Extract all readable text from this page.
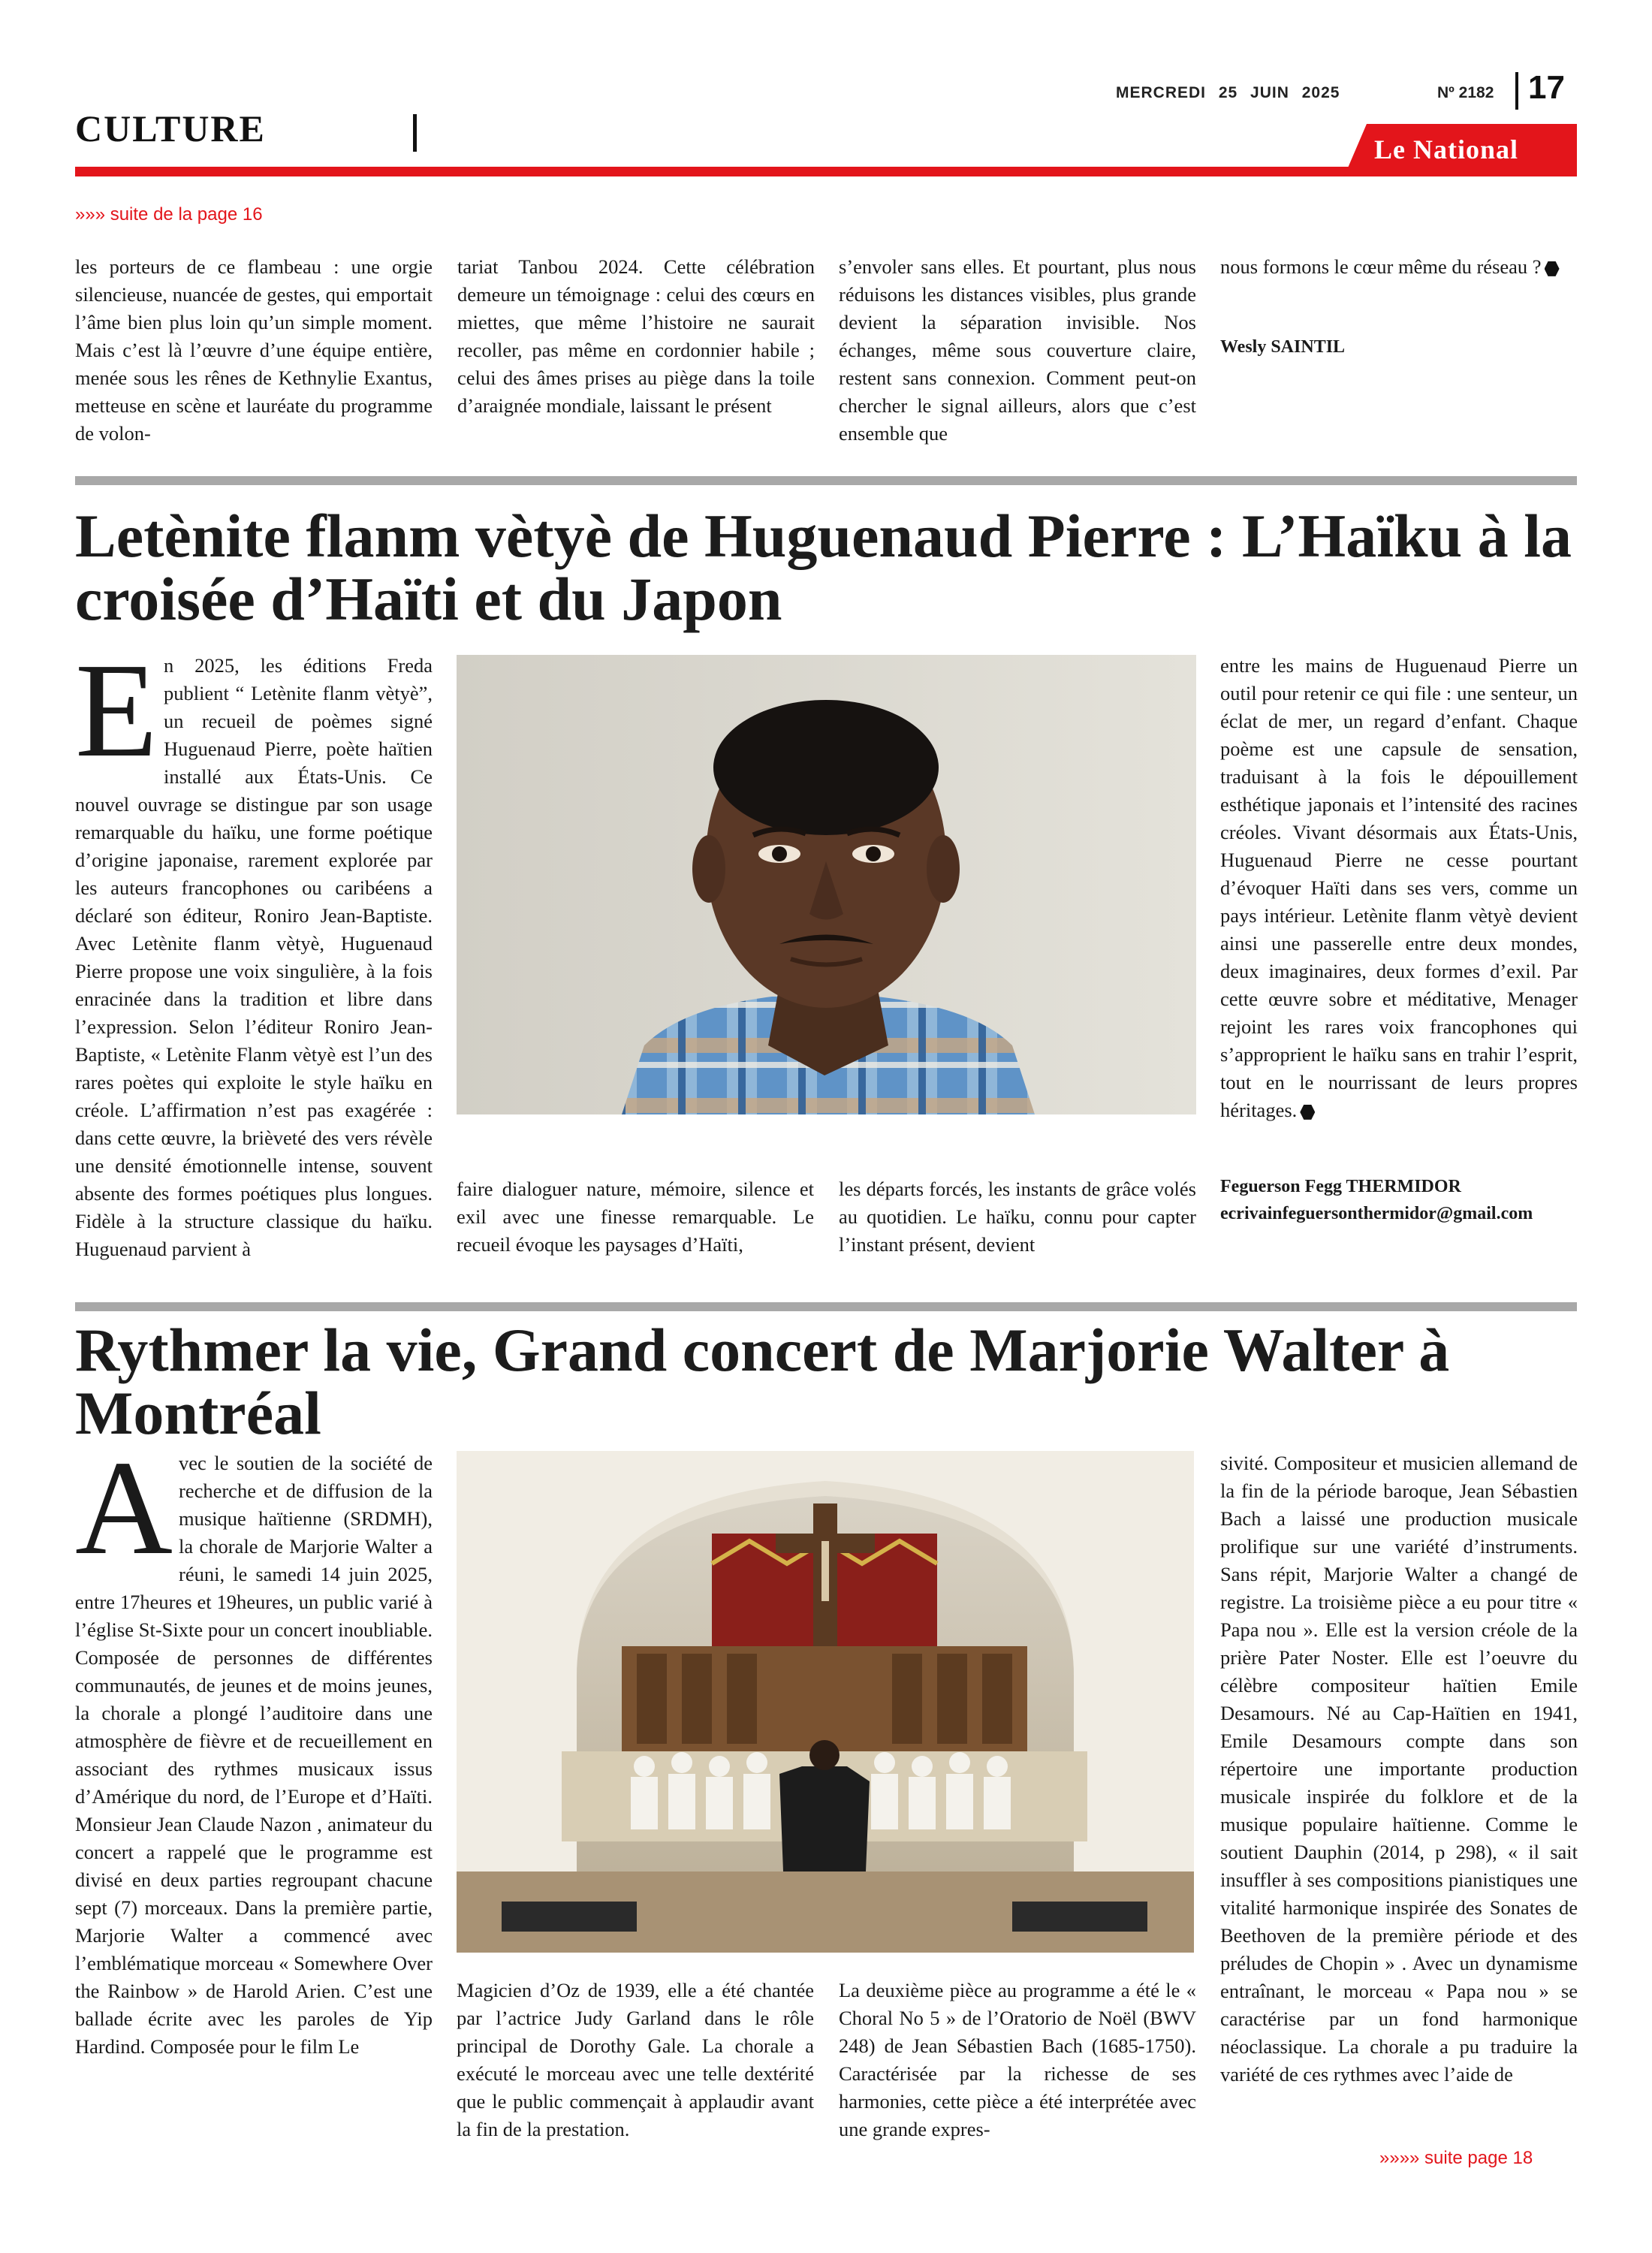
MERCREDI 25 JUIN 2025	Nº 2182 17
CULTURE	Le National
»»» suite de la page 16

les porteurs de ce flambeau : une orgie silencieuse, nuancée de gestes, qui emportait l’âme bien plus loin qu’un simple moment. Mais c’est là l’œuvre d’une équipe entière, menée sous les rênes de Kethnylie Exantus, metteuse en scène et lauréate du programme de volon-

tariat Tanbou 2024. Cette célébration demeure un témoignage : celui des cœurs en miettes, que même l’histoire ne saurait recoller, pas même en cordonnier habile ; celui des âmes prises au piège dans la toile d’araignée mondiale, laissant le présent

s’envoler sans elles. Et pourtant, plus nous réduisons les distances visibles, plus grande devient la séparation invisible. Nos échanges, même sous couverture claire, restent sans connexion. Comment peut-on chercher le signal ailleurs, alors que c’est ensemble que

nous formons le cœur même du réseau ?
Wesly SAINTIL
Letènite flanm vètyè de Huguenaud Pierre : L’Haïku à la croisée d’Haïti et du Japon
En 2025, les éditions Freda publient “ Letènite flanm vètyè”, un recueil de poèmes signé Huguenaud Pierre, poète haïtien installé aux États-Unis. Ce nouvel ouvrage se distingue par son usage remarquable du haïku, une forme poétique d’origine japonaise, rarement explorée par les auteurs francophones ou caribéens a déclaré son éditeur, Roniro Jean-Baptiste. Avec Letènite flanm vètyè, Huguenaud Pierre propose une voix singulière, à la fois enracinée dans la tradition et libre dans l’expression. Selon l’éditeur Roniro Jean-Baptiste, « Letènite Flanm vètyè est l’un des rares poètes qui exploite le style haïku en créole. L’affirmation n’est pas exagérée : dans cette œuvre, la brièveté des vers révèle une densité émotionnelle intense, souvent absente des formes poétiques plus longues. Fidèle à la structure classique du haïku. Huguenaud parvient à

faire dialoguer nature, mémoire, silence et exil avec une finesse remarquable. Le recueil évoque les paysages d’Haïti,

les départs forcés, les instants de grâce volés au quotidien. Le haïku, connu pour capter l’instant présent, devient

entre les mains de Huguenaud Pierre un outil pour retenir ce qui file : une senteur, un éclat de mer, un regard d’enfant. Chaque poème est une capsule de sensation, traduisant à la fois le dépouillement esthétique japonais et l’intensité des racines créoles. Vivant désormais aux États-Unis, Huguenaud Pierre ne cesse pourtant d’évoquer Haïti dans ses vers, comme un pays intérieur. Letènite flanm vètyè devient ainsi une passerelle entre deux mondes, deux imaginaires, deux formes d’exil. Par cette œuvre sobre et méditative, Menager rejoint les rares voix francophones qui s’approprient le haïku sans en trahir l’esprit, tout en le nourrissant de leurs propres héritages.
Feguerson Fegg THERMIDOR
ecrivainfeguersonthermidor@gmail.com
Rythmer la vie, Grand concert de Marjorie Walter à Montréal
Avec le soutien de la société de recherche et de diffusion de la musique haïtienne (SRDMH), la chorale de Marjorie Walter a réuni, le samedi 14 juin 2025, entre 17heures et 19heures, un public varié à l’église St-Sixte pour un concert inoubliable. Composée de personnes de différentes communautés, de jeunes et de moins jeunes, la chorale a plongé l’auditoire dans une atmosphère de fièvre et de recueillement en associant des rythmes musicaux issus d’Amérique du nord, de l’Europe et d’Haïti. Monsieur Jean Claude Nazon , animateur du concert a rappelé que le programme est divisé en deux parties regroupant chacune sept (7) morceaux. Dans la première partie, Marjorie Walter a commencé avec l’emblématique morceau « Somewhere Over the Rainbow » de Harold Arien. C’est une ballade écrite avec les paroles de Yip Hardind. Composée pour le film Le

Magicien d’Oz de 1939, elle a été chantée par l’actrice Judy Garland dans le rôle principal de Dorothy Gale. La chorale a exécuté le morceau avec une telle dextérité que le public commençait à applaudir avant la fin de la prestation.

La deuxième pièce au programme a été le « Choral No 5 » de l’Oratorio de Noël (BWV 248) de Jean Sébastien Bach (1685-1750). Caractérisée par la richesse de ses harmonies, cette pièce a été interprétée avec une grande expres-

sivité. Compositeur et musicien allemand de la fin de la période baroque, Jean Sébastien Bach a laissé une production musicale prolifique sur une variété d’instruments. Sans répit, Marjorie Walter a changé de registre. La troisième pièce a eu pour titre « Papa nou ». Elle est la version créole de la prière Pater Noster. Elle est l’oeuvre du célèbre compositeur haïtien Emile Desamours. Né au Cap-Haïtien en 1941, Emile Desamours compte dans son répertoire une importante production musicale inspirée du folklore et de la musique populaire haïtienne. Comme le soutient Dauphin (2014, p 298), « il sait insuffler à ses compositions pianistiques une vitalité harmonique inspirée des Sonates de Beethoven de la première période et des préludes de Chopin » . Avec un dynamisme entraînant, le morceau « Papa nou » se caractérise par un fond harmonique néoclassique. La chorale a pu traduire la variété de ces rythmes avec l’aide de

»»»» suite page 18
